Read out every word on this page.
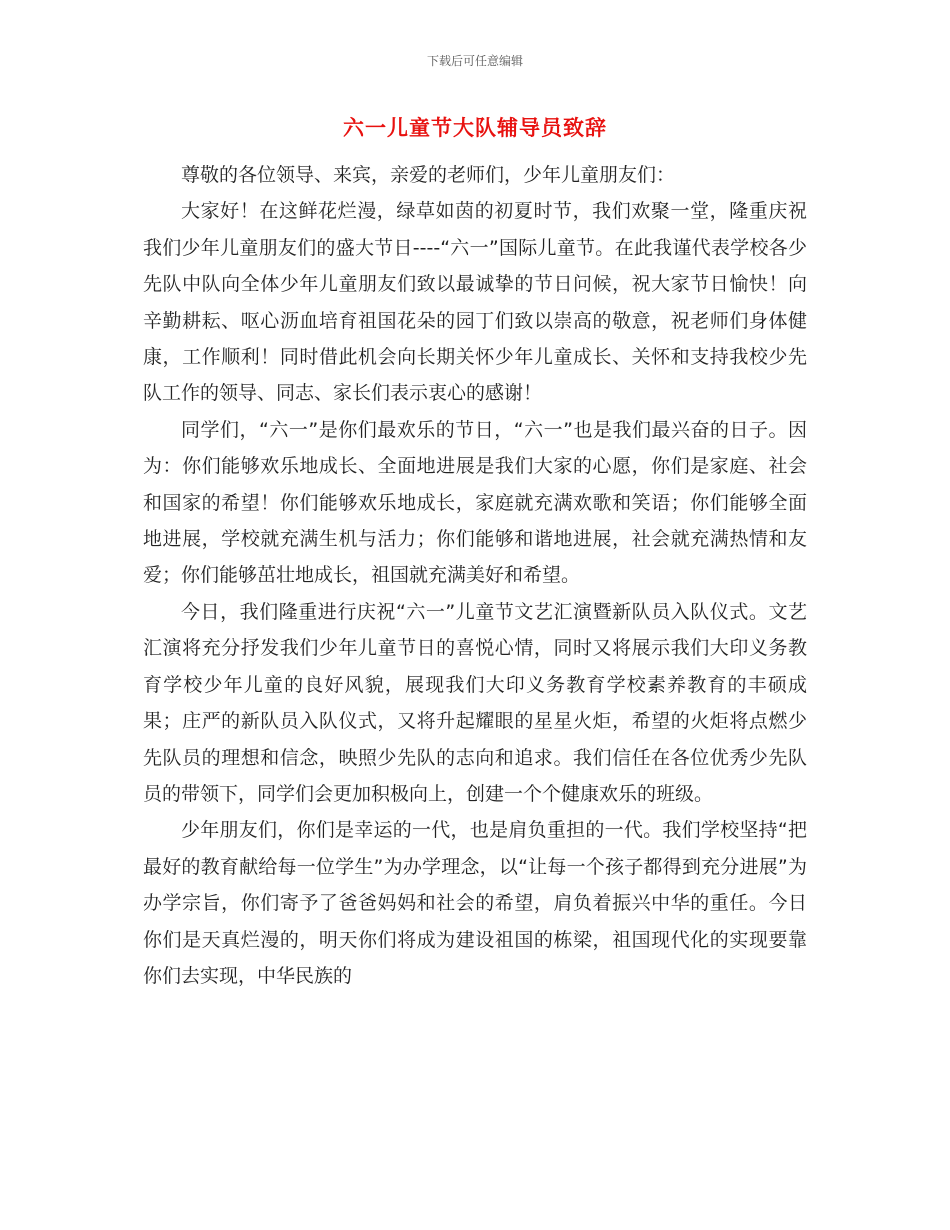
下载后可任意编辑
六一儿童节大队辅导员致辞

尊敬的各位领导、来宾，亲爱的老师们，少年儿童朋友们：

大家好！在这鲜花烂漫，绿草如茵的初夏时节，我们欢聚一堂，隆重庆祝我们少年儿童朋友们的盛大节日----“六一”国际儿童节。在此我谨代表学校各少先队中队向全体少年儿童朋友们致以最诚挚的节日问候，祝大家节日愉快！向辛勤耕耘、呕心沥血培育祖国花朵的园丁们致以崇高的敬意，祝老师们身体健康，工作顺利！同时借此机会向长期关怀少年儿童成长、关怀和支持我校少先队工作的领导、同志、家长们表示衷心的感谢！

同学们，“六一”是你们最欢乐的节日，“六一”也是我们最兴奋的日子。因为：你们能够欢乐地成长、全面地进展是我们大家的心愿，你们是家庭、社会和国家的希望！你们能够欢乐地成长，家庭就充满欢歌和笑语；你们能够全面地进展，学校就充满生机与活力；你们能够和谐地进展，社会就充满热情和友爱；你们能够茁壮地成长，祖国就充满美好和希望。

今日，我们隆重进行庆祝“六一”儿童节文艺汇演暨新队员入队仪式。文艺汇演将充分抒发我们少年儿童节日的喜悦心情，同时又将展示我们大印义务教育学校少年儿童的良好风貌，展现我们大印义务教育学校素养教育的丰硕成果；庄严的新队员入队仪式，又将升起耀眼的星星火炬，希望的火炬将点燃少先队员的理想和信念，映照少先队的志向和追求。我们信任在各位优秀少先队员的带领下，同学们会更加积极向上，创建一个个健康欢乐的班级。

少年朋友们，你们是幸运的一代，也是肩负重担的一代。我们学校坚持“把最好的教育献给每一位学生”为办学理念，以“让每一个孩子都得到充分进展”为办学宗旨，你们寄予了爸爸妈妈和社会的希望，肩负着振兴中华的重任。今日你们是天真烂漫的，明天你们将成为建设祖国的栋梁，祖国现代化的实现要靠你们去实现，中华民族的
